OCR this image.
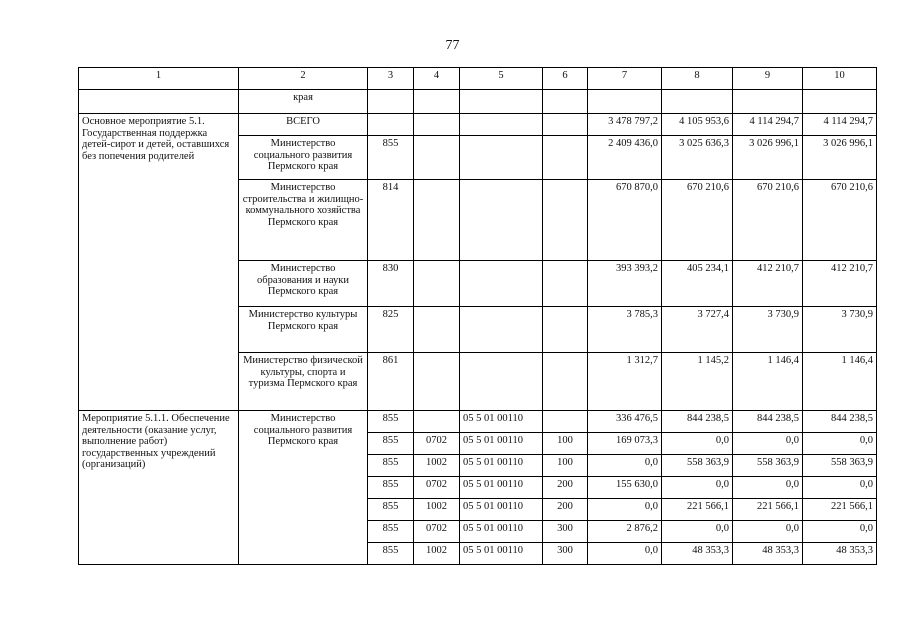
77
1	2	3	4	5	6	7	8	9	10
	края								
Основное мероприятие 5.1. Государственная поддержка детей-сирот и детей, оставшихся без попечения родителей	ВСЕГО					3 478 797,2	4 105 953,6	4 114 294,7	4 114 294,7
	Министерство социального развития Пермского края	855				2 409 436,0	3 025 636,3	3 026 996,1	3 026 996,1
	Министерство строительства и жилищно-коммунального хозяйства Пермского края	814				670 870,0	670 210,6	670 210,6	670 210,6
	Министерство образования и науки Пермского края	830				393 393,2	405 234,1	412 210,7	412 210,7
	Министерство культуры Пермского края	825				3 785,3	3 727,4	3 730,9	3 730,9
	Министерство физической культуры, спорта и туризма Пермского края	861				1 312,7	1 145,2	1 146,4	1 146,4
Мероприятие 5.1.1. Обеспечение деятельности (оказание услуг, выполнение работ) государственных учреждений (организаций)	Министерство социального развития Пермского края	855		05 5 01 00110		336 476,5	844 238,5	844 238,5	844 238,5
		855	0702	05 5 01 00110	100	169 073,3	0,0	0,0	0,0
		855	1002	05 5 01 00110	100	0,0	558 363,9	558 363,9	558 363,9
		855	0702	05 5 01 00110	200	155 630,0	0,0	0,0	0,0
		855	1002	05 5 01 00110	200	0,0	221 566,1	221 566,1	221 566,1
		855	0702	05 5 01 00110	300	2 876,2	0,0	0,0	0,0
		855	1002	05 5 01 00110	300	0,0	48 353,3	48 353,3	48 353,3
